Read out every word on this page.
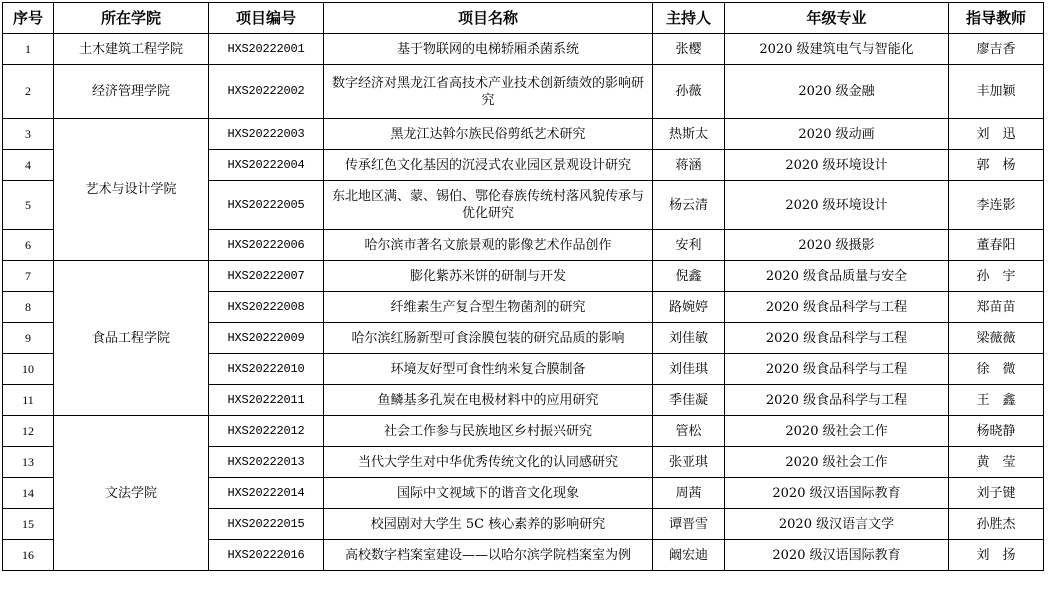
序号	所在学院	项目编号	项目名称	主持人	年级专业	指导教师
1	土木建筑工程学院	HXS20222001	基于物联网的电梯轿厢杀菌系统	张樱	2020 级建筑电气与智能化	廖吉香
2	经济管理学院	HXS20222002	数字经济对黑龙江省高技术产业技术创新绩效的影响研究	孙薇	2020 级金融	丰加颖
3	艺术与设计学院	HXS20222003	黑龙江达斡尔族民俗剪纸艺术研究	热斯太	2020 级动画	刘　迅
4		HXS20222004	传承红色文化基因的沉浸式农业园区景观设计研究	蒋涵	2020 级环境设计	郭　杨
5		HXS20222005	东北地区满、蒙、锡伯、鄂伦春族传统村落风貌传承与优化研究	杨云清	2020 级环境设计	李连影
6		HXS20222006	哈尔滨市著名文旅景观的影像艺术作品创作	安利	2020 级摄影	董春阳
7	食品工程学院	HXS20222007	膨化紫苏米饼的研制与开发	倪鑫	2020 级食品质量与安全	孙　宇
8		HXS20222008	纤维素生产复合型生物菌剂的研究	路婉婷	2020 级食品科学与工程	郑苗苗
9		HXS20222009	哈尔滨红肠新型可食涂膜包装的研究品质的影响	刘佳敏	2020 级食品科学与工程	梁薇薇
10		HXS20222010	环境友好型可食性纳米复合膜制备	刘佳琪	2020 级食品科学与工程	徐　微
11		HXS20222011	鱼鳞基多孔炭在电极材料中的应用研究	季佳凝	2020 级食品科学与工程	王　鑫
12	文法学院	HXS20222012	社会工作参与民族地区乡村振兴研究	管松	2020 级社会工作	杨晓静
13		HXS20222013	当代大学生对中华优秀传统文化的认同感研究	张亚琪	2020 级社会工作	黄　莹
14		HXS20222014	国际中文视域下的谐音文化现象	周茜	2020 级汉语国际教育	刘子键
15		HXS20222015	校园剧对大学生 5C 核心素养的影响研究	谭晋雪	2020 级汉语言文学	孙胜杰
16		HXS20222016	高校数字档案室建设——以哈尔滨学院档案室为例	阚宏迪	2020 级汉语国际教育	刘　扬
